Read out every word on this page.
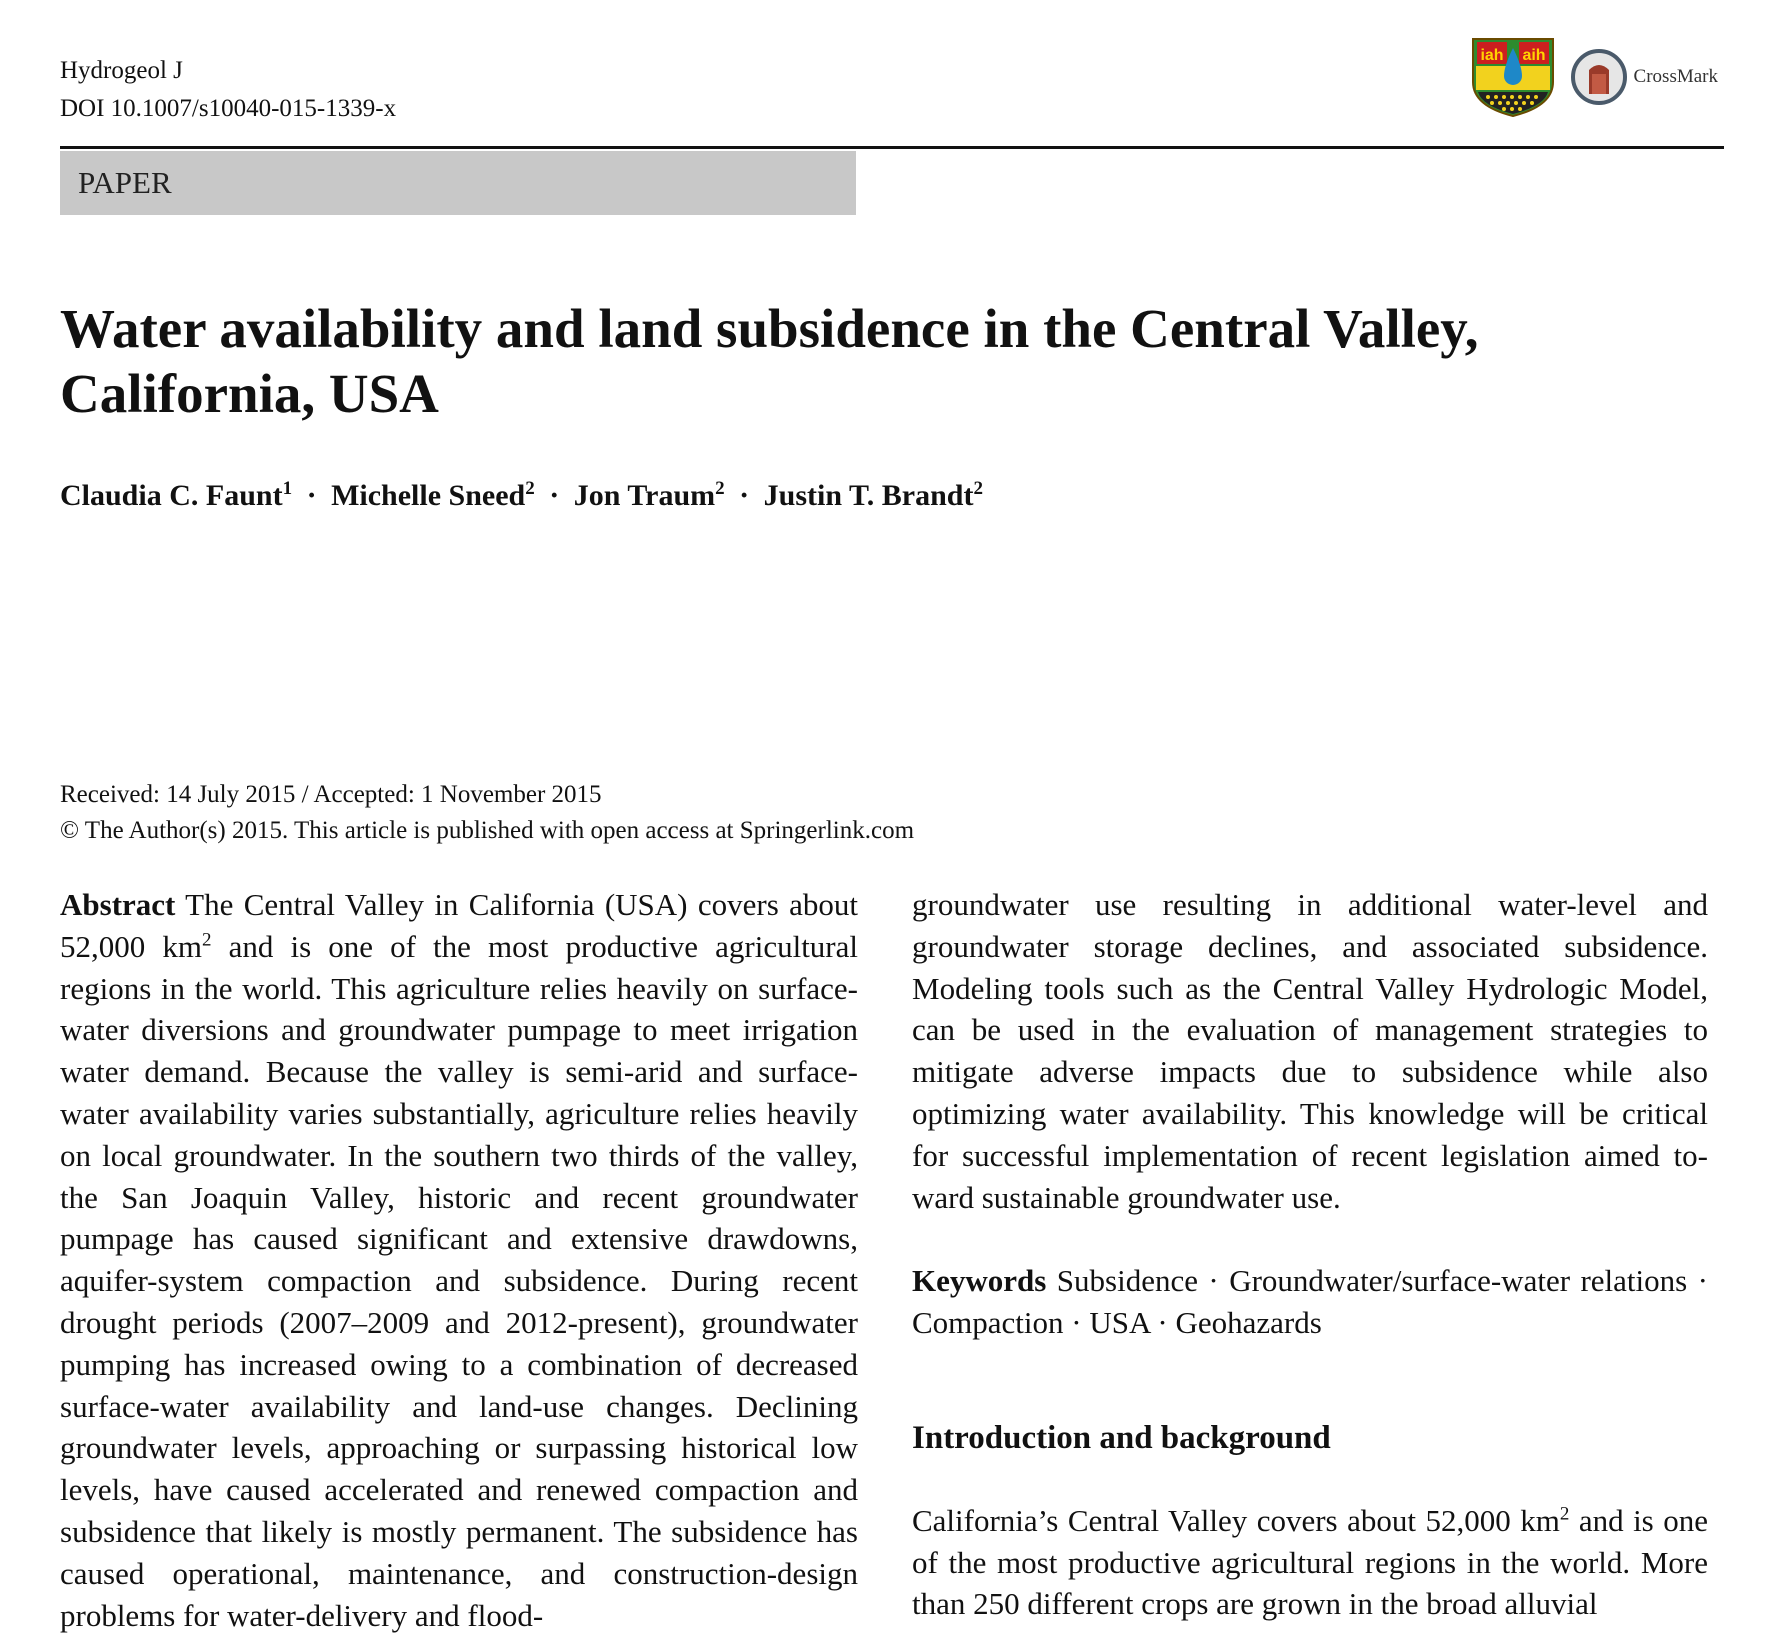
Hydrogeol J
DOI 10.1007/s10040-015-1339-x
iah aih
CrossMark
PAPER
Water availability and land subsidence in the Central Valley, California, USA
Claudia C. Faunt$^1$ · Michelle Sneed$^2$ · Jon Traum$^2$ · Justin T. Brandt$^2$
Received: 14 July 2015 / Accepted: 1 November 2015
© The Author(s) 2015. This article is published with open access at Springerlink.com

Abstract The Central Valley in California (USA) covers about 52,000 $km^2$ and is one of the most productive agricultural regions in the world. This agriculture relies heavily on surface-water diversions and groundwater pumpage to meet irrigation water demand. Because the valley is semi-arid and surface-water availability varies substantially, agriculture relies heavily on local groundwater. In the southern two thirds of the valley, the San Joaquin Valley, historic and recent groundwater pumpage has caused significant and extensive drawdowns, aquifer-system compaction and subsidence. During recent drought periods (2007–2009 and 2012-present), groundwater pumping has increased owing to a combination of decreased surface-water availability and land-use changes. Declining groundwater levels, approaching or surpassing historical low levels, have caused accelerated and renewed compaction and subsidence that likely is mostly permanent. The subsidence has caused operational, maintenance, and construction-design problems for water-delivery and flood-

groundwater use resulting in additional water-level and groundwater storage declines, and associated subsidence. Modeling tools such as the Central Valley Hydrologic Model, can be used in the evaluation of management strategies to mitigate adverse impacts due to subsidence while also optimizing water availability. This knowledge will be critical for successful implementation of recent legislation aimed toward sustainable groundwater use.

Keywords Subsidence · Groundwater/surface-water relations · Compaction · USA · Geohazards

Introduction and background

California’s Central Valley covers about 52,000 $km^2$ and is one of the most productive agricultural regions in the world. More than 250 different crops are grown in the broad alluvial
